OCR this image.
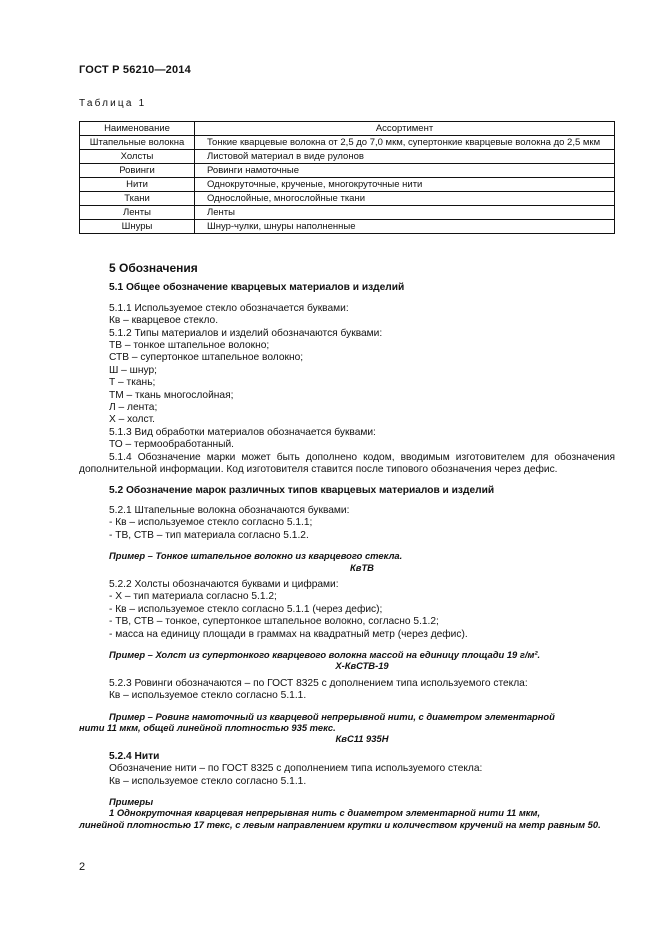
ГОСТ Р 56210—2014
Таблица 1
Наименование	Ассортимент
Штапельные волокна	Тонкие кварцевые волокна от 2,5 до 7,0 мкм, супертонкие кварцевые волокна до 2,5 мкм
Холсты	Листовой материал в виде рулонов
Ровинги	Ровинги намоточные
Нити	Однокруточные, крученые, многокруточные нити
Ткани	Однослойные, многослойные ткани
Ленты	Ленты
Шнуры	Шнур-чулки, шнуры наполненные
5 Обозначения
5.1 Общее обозначение кварцевых материалов и изделий

5.1.1 Используемое стекло обозначается буквами:

Кв – кварцевое стекло.

5.1.2 Типы материалов и изделий обозначаются буквами:

ТВ – тонкое штапельное волокно;

СТВ – супертонкое штапельное волокно;

Ш – шнур;

Т – ткань;

ТМ – ткань многослойная;

Л – лента;

Х – холст.

5.1.3 Вид обработки материалов обозначается буквами:

ТО – термообработанный.

5.1.4 Обозначение марки может быть дополнено кодом, вводимым изготовителем для обозначения дополнительной информации. Код изготовителя ставится после типового обозначения через дефис.

5.2 Обозначение марок различных типов кварцевых материалов и изделий

5.2.1 Штапельные волокна обозначаются буквами:

- Кв – используемое стекло согласно 5.1.1;

- ТВ, СТВ – тип материала согласно 5.1.2.

Пример – Тонкое штапельное волокно из кварцевого стекла.

КвТВ

5.2.2 Холсты обозначаются буквами и цифрами:

- Х – тип материала согласно 5.1.2;

- Кв – используемое стекло согласно 5.1.1 (через дефис);

- ТВ, СТВ – тонкое, супертонкое штапельное волокно, согласно 5.1.2;

- масса на единицу площади в граммах на квадратный метр (через дефис).

Пример – Холст из супертонкого кварцевого волокна массой на единицу площади 19 г/м².

Х-КвСТВ-19

5.2.3 Ровинги обозначаются – по ГОСТ 8325 с дополнением типа используемого стекла:

Кв – используемое стекло согласно 5.1.1.

Пример – Ровинг намоточный из кварцевой непрерывной нити, с диаметром элементарной

нити 11 мкм, общей линейной плотностью 935 текс.

КвС11 935Н

5.2.4 Нити

Обозначение нити – по ГОСТ 8325 с дополнением типа используемого стекла:

Кв – используемое стекло согласно 5.1.1.

Примеры

1 Однокруточная кварцевая непрерывная нить с диаметром элементарной нити 11 мкм,

линейной плотностью 17 текс, с левым направлением крутки и количеством кручений на метр равным 50.

2
